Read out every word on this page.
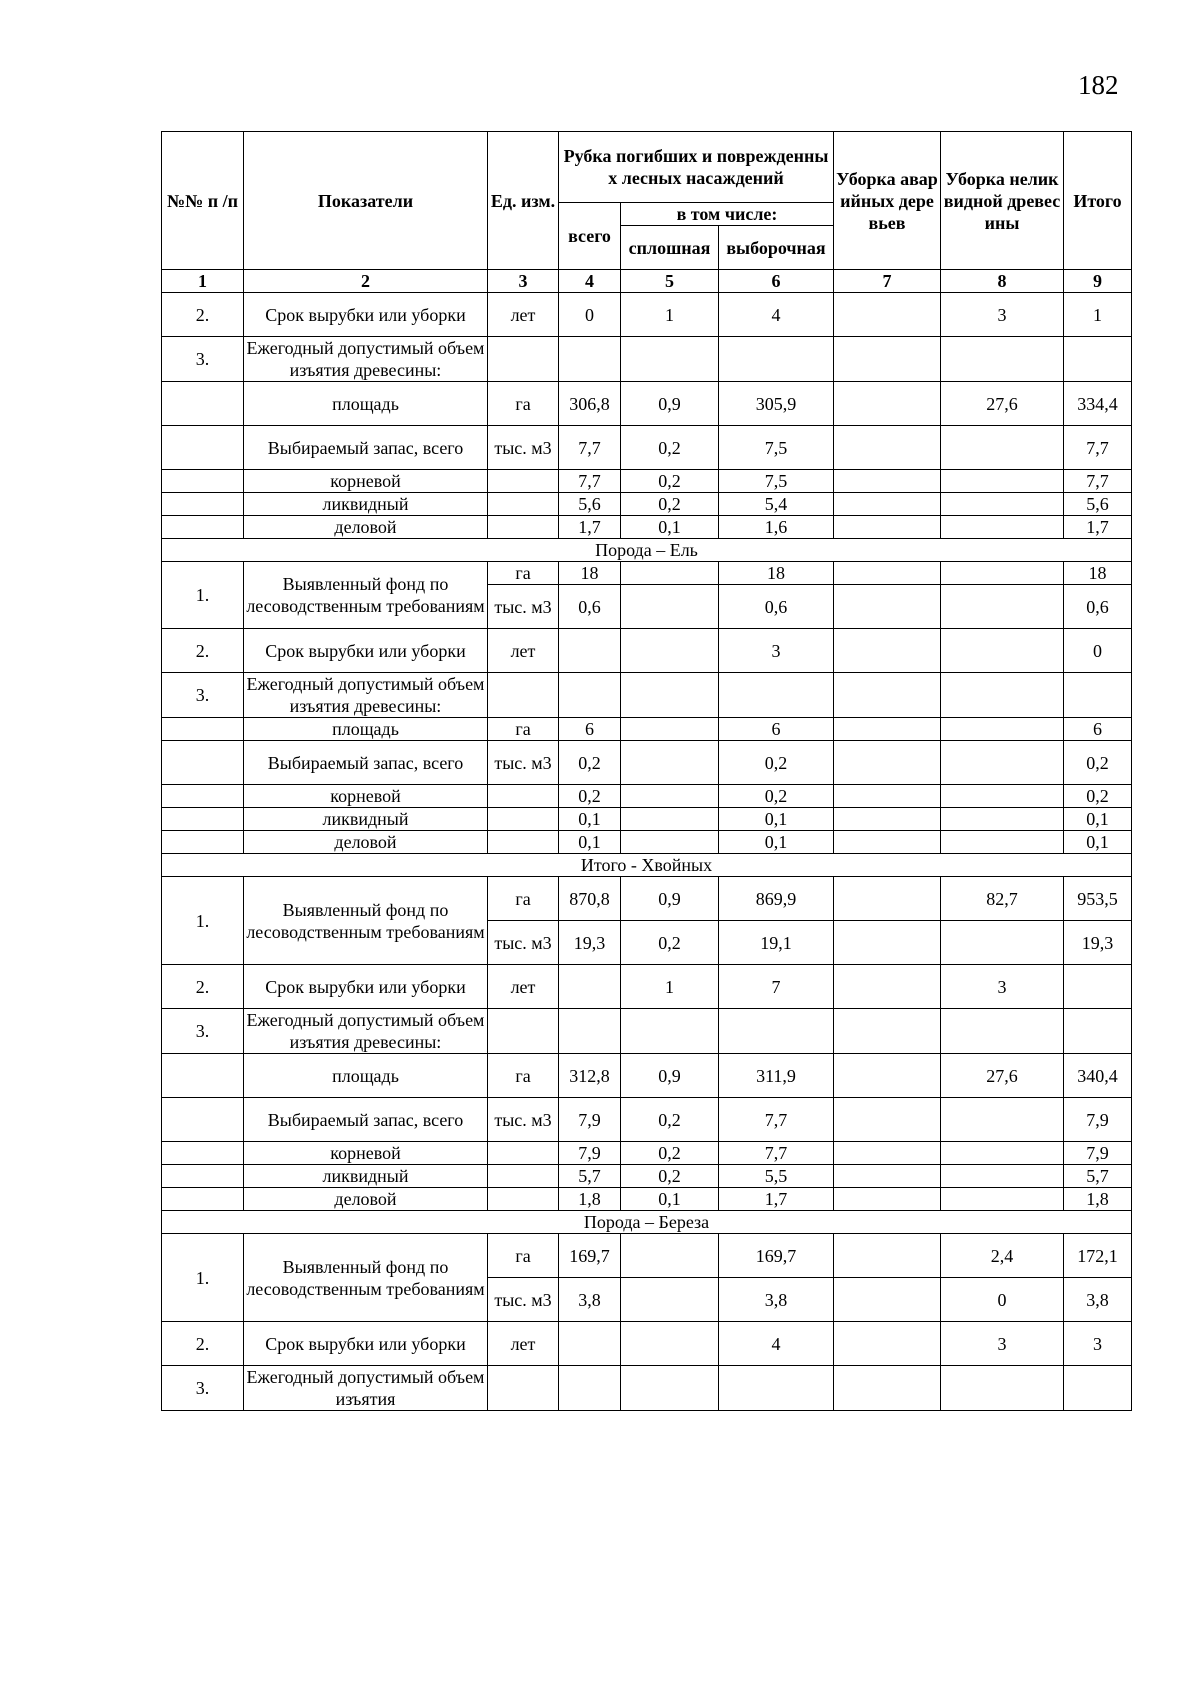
182
№№ п /п	Показатели	Ед. изм.	Рубка погибших и поврежденных лесных насаждений			Уборка аварийных деревьев	Уборка неликвидной древесины	Итого
			всего	в том числе:				
				сплошная	выборочная			
1	2	3	4	5	6	7	8	9
2.	Срок вырубки или уборки	лет	0	1	4		3	1
3.	Ежегодный допустимый объем изъятия древесины:							
	площадь	га	306,8	0,9	305,9		27,6	334,4
	Выбираемый запас, всего	тыс. м3	7,7	0,2	7,5			7,7
	корневой		7,7	0,2	7,5			7,7
	ликвидный		5,6	0,2	5,4			5,6
	деловой		1,7	0,1	1,6			1,7
Порода – Ель								
1.	Выявленный фонд по лесоводственным требованиям	га	18		18			18
		тыс. м3	0,6		0,6			0,6
2.	Срок вырубки или уборки	лет			3			0
3.	Ежегодный допустимый объем изъятия древесины:							
	площадь	га	6		6			6
	Выбираемый запас, всего	тыс. м3	0,2		0,2			0,2
	корневой		0,2		0,2			0,2
	ликвидный		0,1		0,1			0,1
	деловой		0,1		0,1			0,1
Итого - Хвойных								
1.	Выявленный фонд по лесоводственным требованиям	га	870,8	0,9	869,9		82,7	953,5
		тыс. м3	19,3	0,2	19,1			19,3
2.	Срок вырубки или уборки	лет		1	7		3	
3.	Ежегодный допустимый объем изъятия древесины:							
	площадь	га	312,8	0,9	311,9		27,6	340,4
	Выбираемый запас, всего	тыс. м3	7,9	0,2	7,7			7,9
	корневой		7,9	0,2	7,7			7,9
	ликвидный		5,7	0,2	5,5			5,7
	деловой		1,8	0,1	1,7			1,8
Порода – Береза								
1.	Выявленный фонд по лесоводственным требованиям	га	169,7		169,7		2,4	172,1
		тыс. м3	3,8		3,8		0	3,8
2.	Срок вырубки или уборки	лет			4		3	3
3.	Ежегодный допустимый объем изъятия							
